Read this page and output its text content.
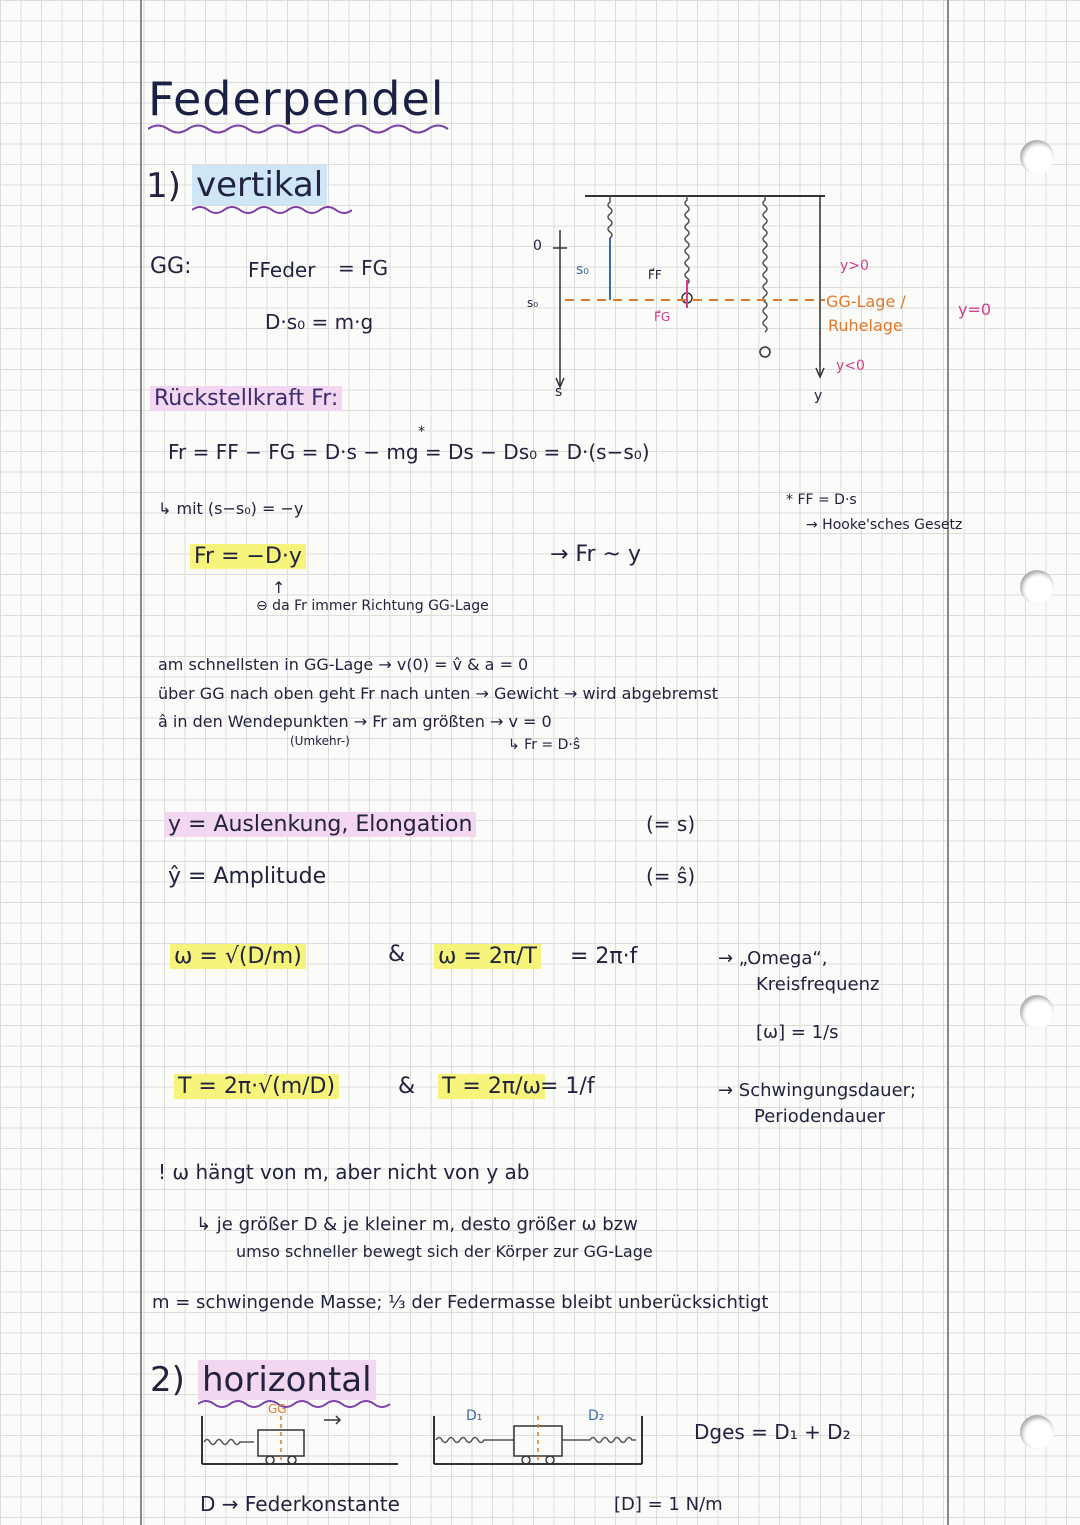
Federpendel
1) vertikal
GG:	FFeder = FG
D·s₀ = m·g
0
s₀
s₀
s
F⃗F
F⃗G
y>0
GG-Lage /
Ruhelage
y=0
y<0
y
Rückstellkraft Fr:
*
Fr = FF − FG = D·s − mg = Ds − Ds₀ = D·(s−s₀)
↳ mit (s−s₀) = −y	* FF = D·s
→ Hooke'sches Gesetz
Fr = −D·y	→ Fr ~ y
↑
⊖ da Fr immer Richtung GG-Lage
am schnellsten in GG-Lage → v(0) = v̂ & a = 0
über GG nach oben geht Fr nach unten → Gewicht → wird abgebremst
â in den Wendepunkten → Fr am größten → v = 0
(Umkehr-)	↳ Fr = D·ŝ
y = Auslenkung, Elongation	(= s)
ŷ = Amplitude	(= ŝ)
ω = √(D/m)	& ω = 2π/T = 2π·f	→ „Omega“,
Kreisfrequenz
[ω] = 1/s
T = 2π·√(m/D)	& T = 2π/ω = 1/f	→ Schwingungsdauer;
Periodendauer
! ω hängt von m, aber nicht von y ab
↳ je größer D & je kleiner m, desto größer ω bzw
umso schneller bewegt sich der Körper zur GG-Lage
m = schwingende Masse; ⅓ der Federmasse bleibt unberücksichtigt
2) horizontal
GG	D₁	D₂
Dges = D₁ + D₂
D → Federkonstante	[D] = 1 N/m
